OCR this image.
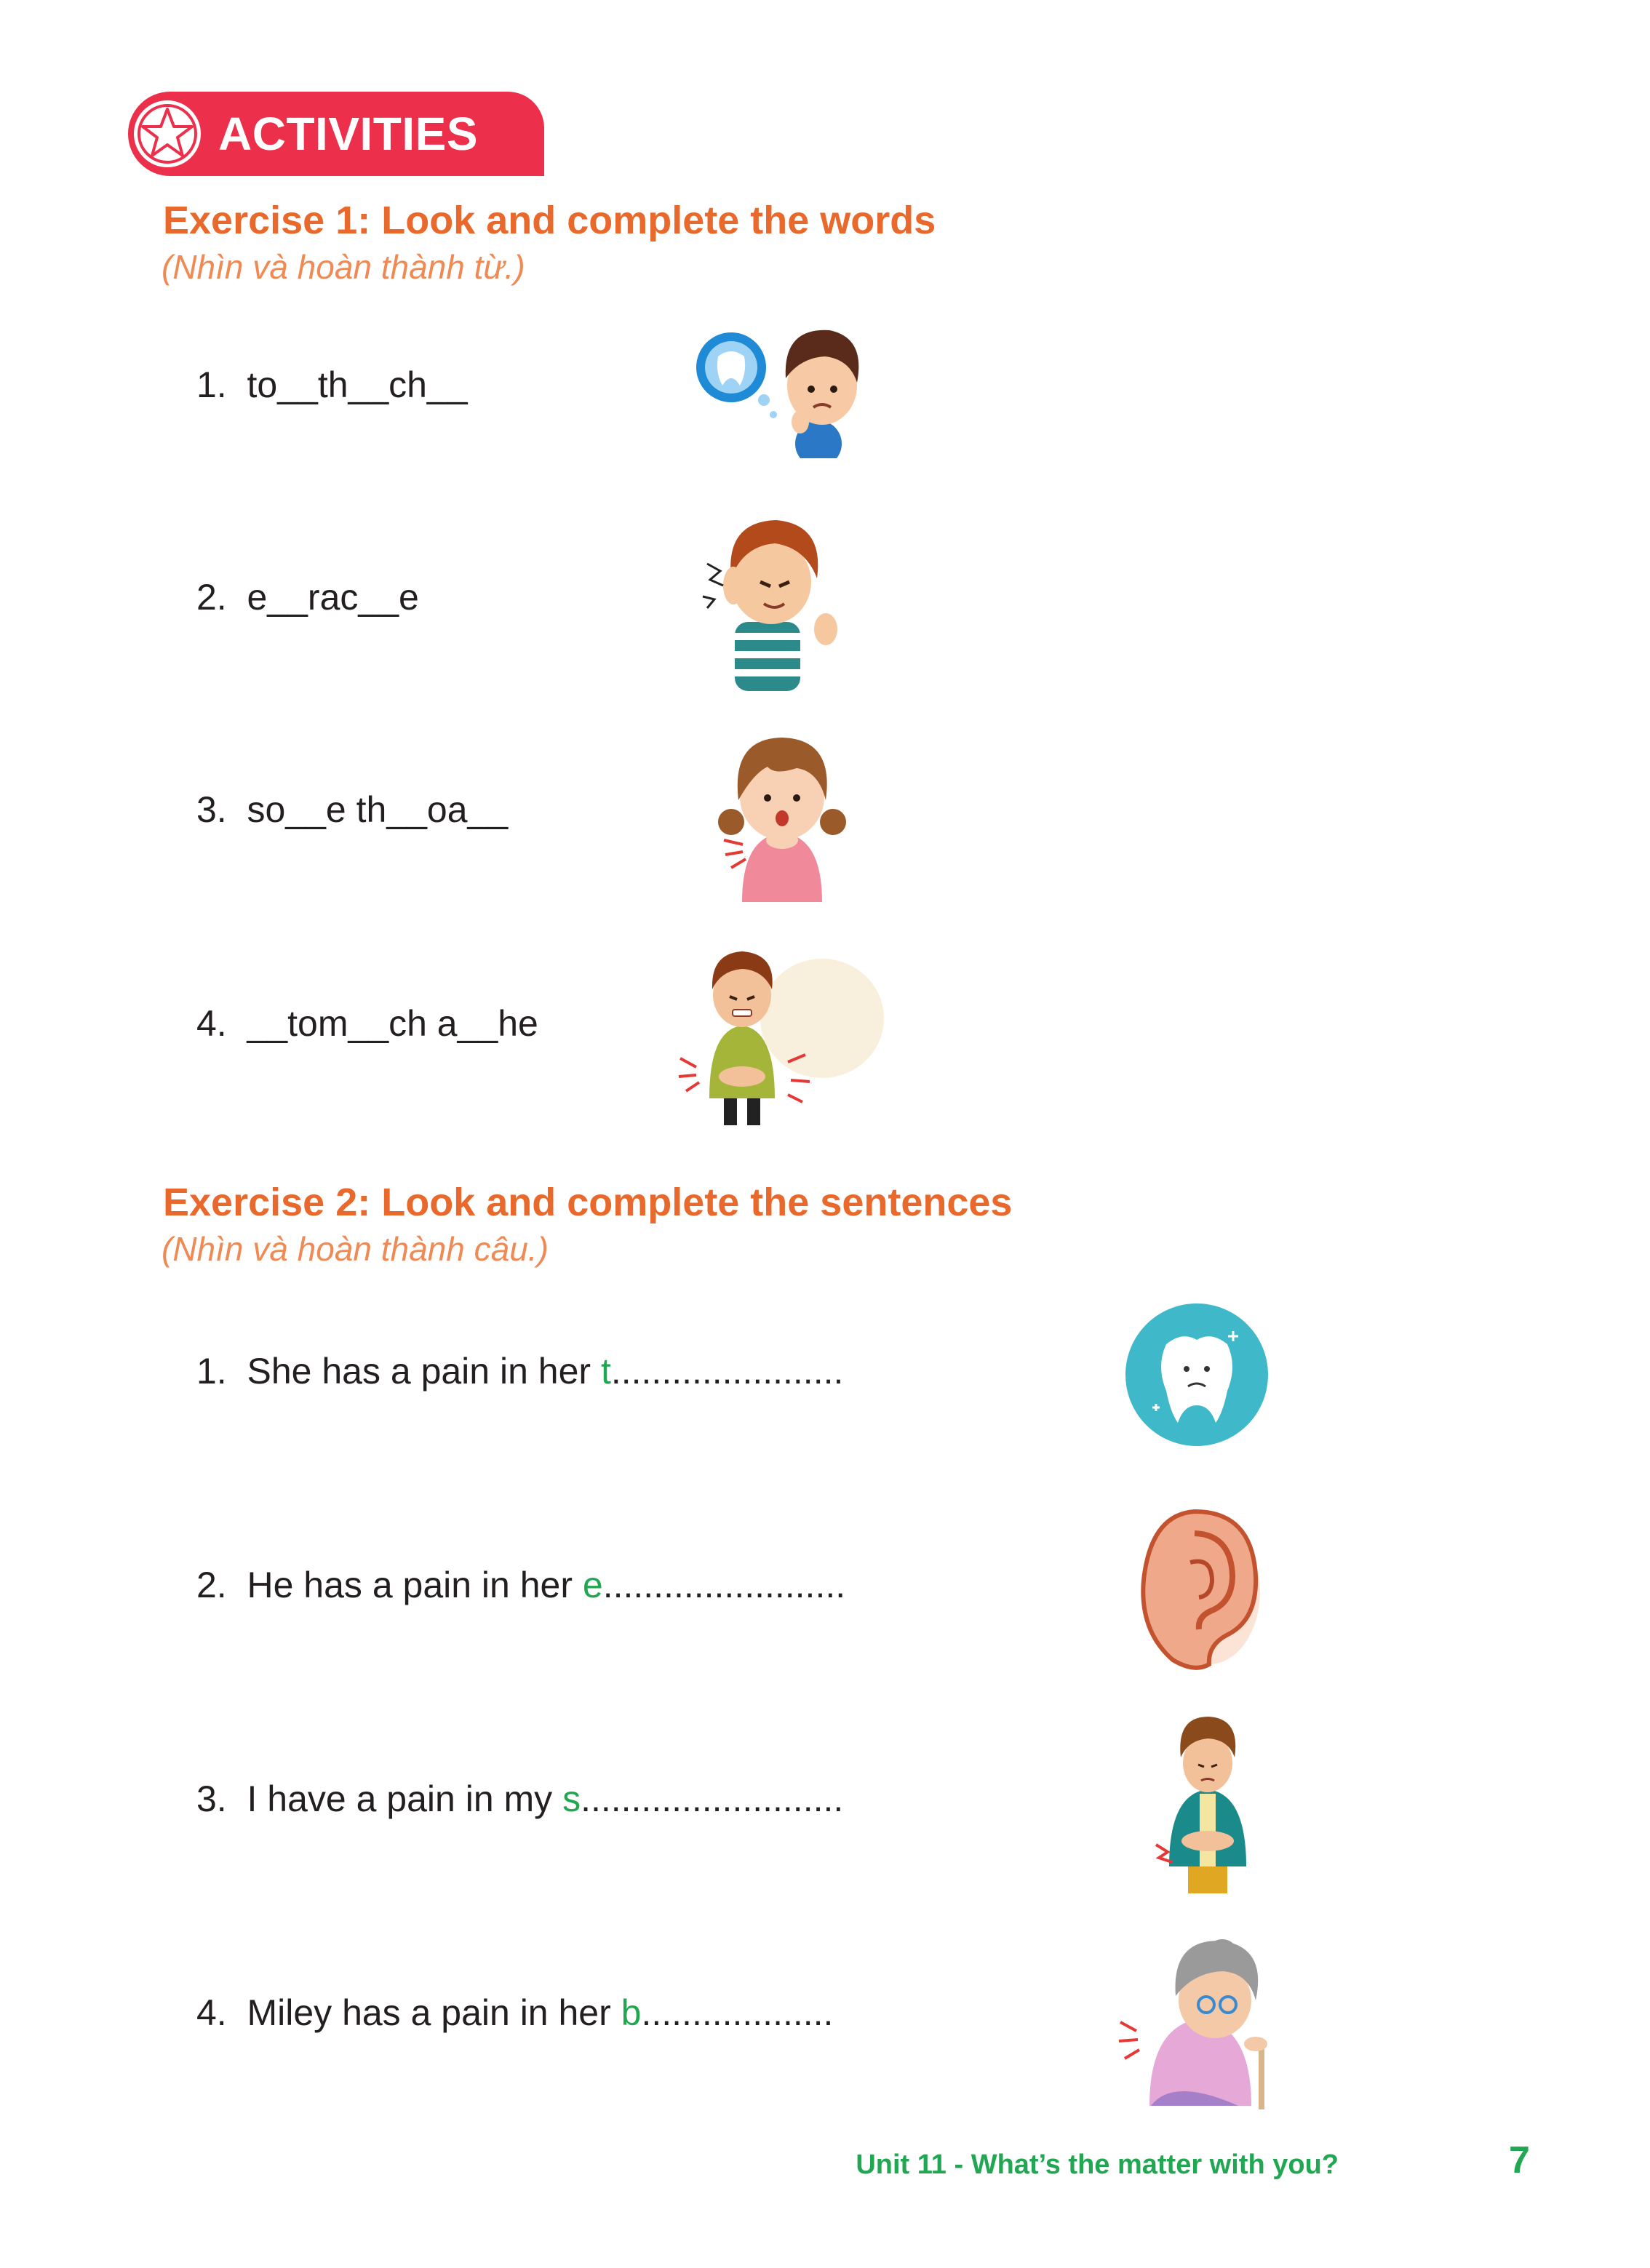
ACTIVITIES
Exercise 1: Look and complete the words
(Nhìn và hoàn thành từ.)
1. to__th__ch__
2. e__rac__e
3. so__e th__oa__
4. __tom__ch a__he
Exercise 2: Look and complete the sentences
(Nhìn và hoàn thành câu.)
1. She has a pain in her t.......................
2. He has a pain in her e........................
3. I have a pain in my s..........................
4. Miley has a pain in her b...................
Unit 11 - What’s the matter with you?	7
